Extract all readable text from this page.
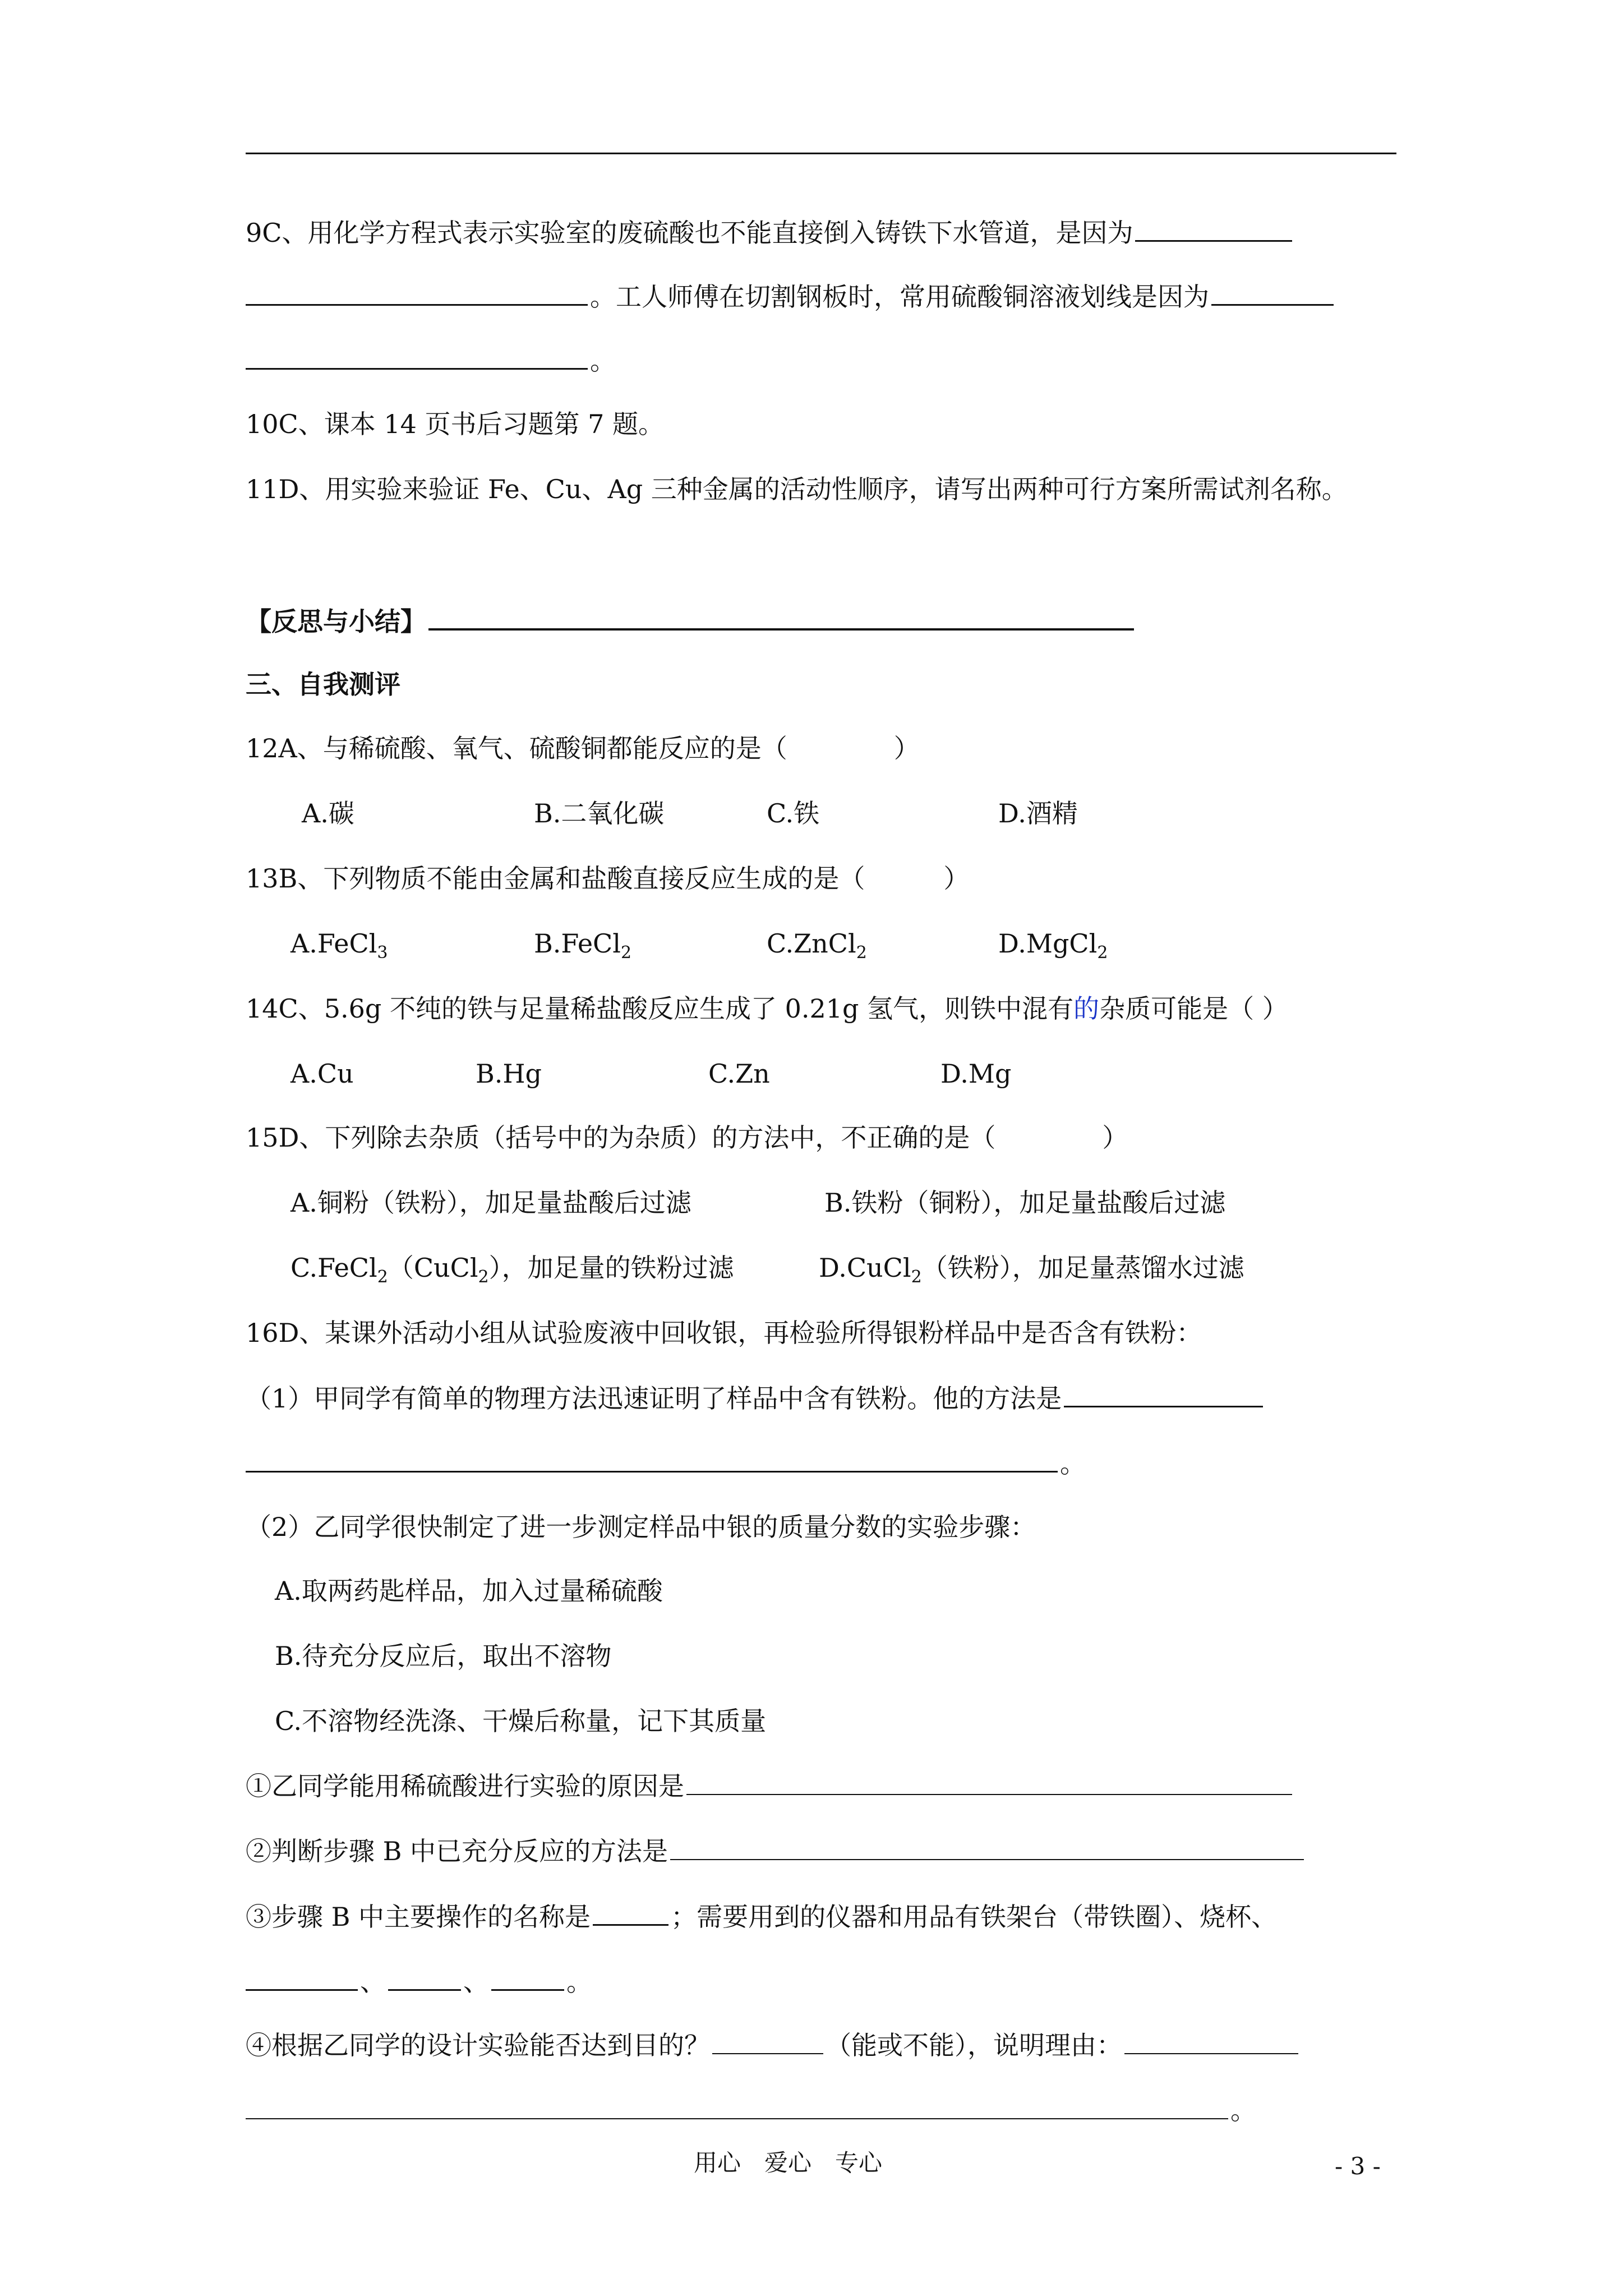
9C、用化学方程式表示实验室的废硫酸也不能直接倒入铸铁下水管道，是因为
。工人师傅在切割钢板时，常用硫酸铜溶液划线是因为
。
10C、课本 14 页书后习题第 7 题。
11D、用实验来验证 Fe、Cu、Ag 三种金属的活动性顺序，请写出两种可行方案所需试剂名称。
【反思与小结】
三、自我测评
12A、与稀硫酸、氧气、硫酸铜都能反应的是（	）
A.碳	B.二氧化碳	C.铁	D.酒精
13B、下列物质不能由金属和盐酸直接反应生成的是（	）
A.FeCl$_3$	B.FeCl$_2$	C.ZnCl$_2$	D.MgCl$_2$
14C、5.6g 不纯的铁与足量稀盐酸反应生成了 0.21g 氢气，则铁中混有的杂质可能是（ ）
A.Cu	B.Hg	C.Zn	D.Mg
15D、下列除去杂质（括号中的为杂质）的方法中，不正确的是（	）
A.铜粉（铁粉），加足量盐酸后过滤	B.铁粉（铜粉），加足量盐酸后过滤
C.FeCl$_2$（CuCl$_2$），加足量的铁粉过滤	D.CuCl$_2$（铁粉），加足量蒸馏水过滤
16D、某课外活动小组从试验废液中回收银，再检验所得银粉样品中是否含有铁粉：
（1）甲同学有简单的物理方法迅速证明了样品中含有铁粉。他的方法是
。
（2）乙同学很快制定了进一步测定样品中银的质量分数的实验步骤：
A.取两药匙样品，加入过量稀硫酸
B.待充分反应后，取出不溶物
C.不溶物经洗涤、干燥后称量，记下其质量
①乙同学能用稀硫酸进行实验的原因是
②判断步骤 B 中已充分反应的方法是
③步骤 B 中主要操作的名称是	；需要用到的仪器和用品有铁架台（带铁圈）、烧杯、
、	、	。
④根据乙同学的设计实验能否达到目的？	（能或不能），说明理由：
。
用心　爱心　专心	- 3 -
